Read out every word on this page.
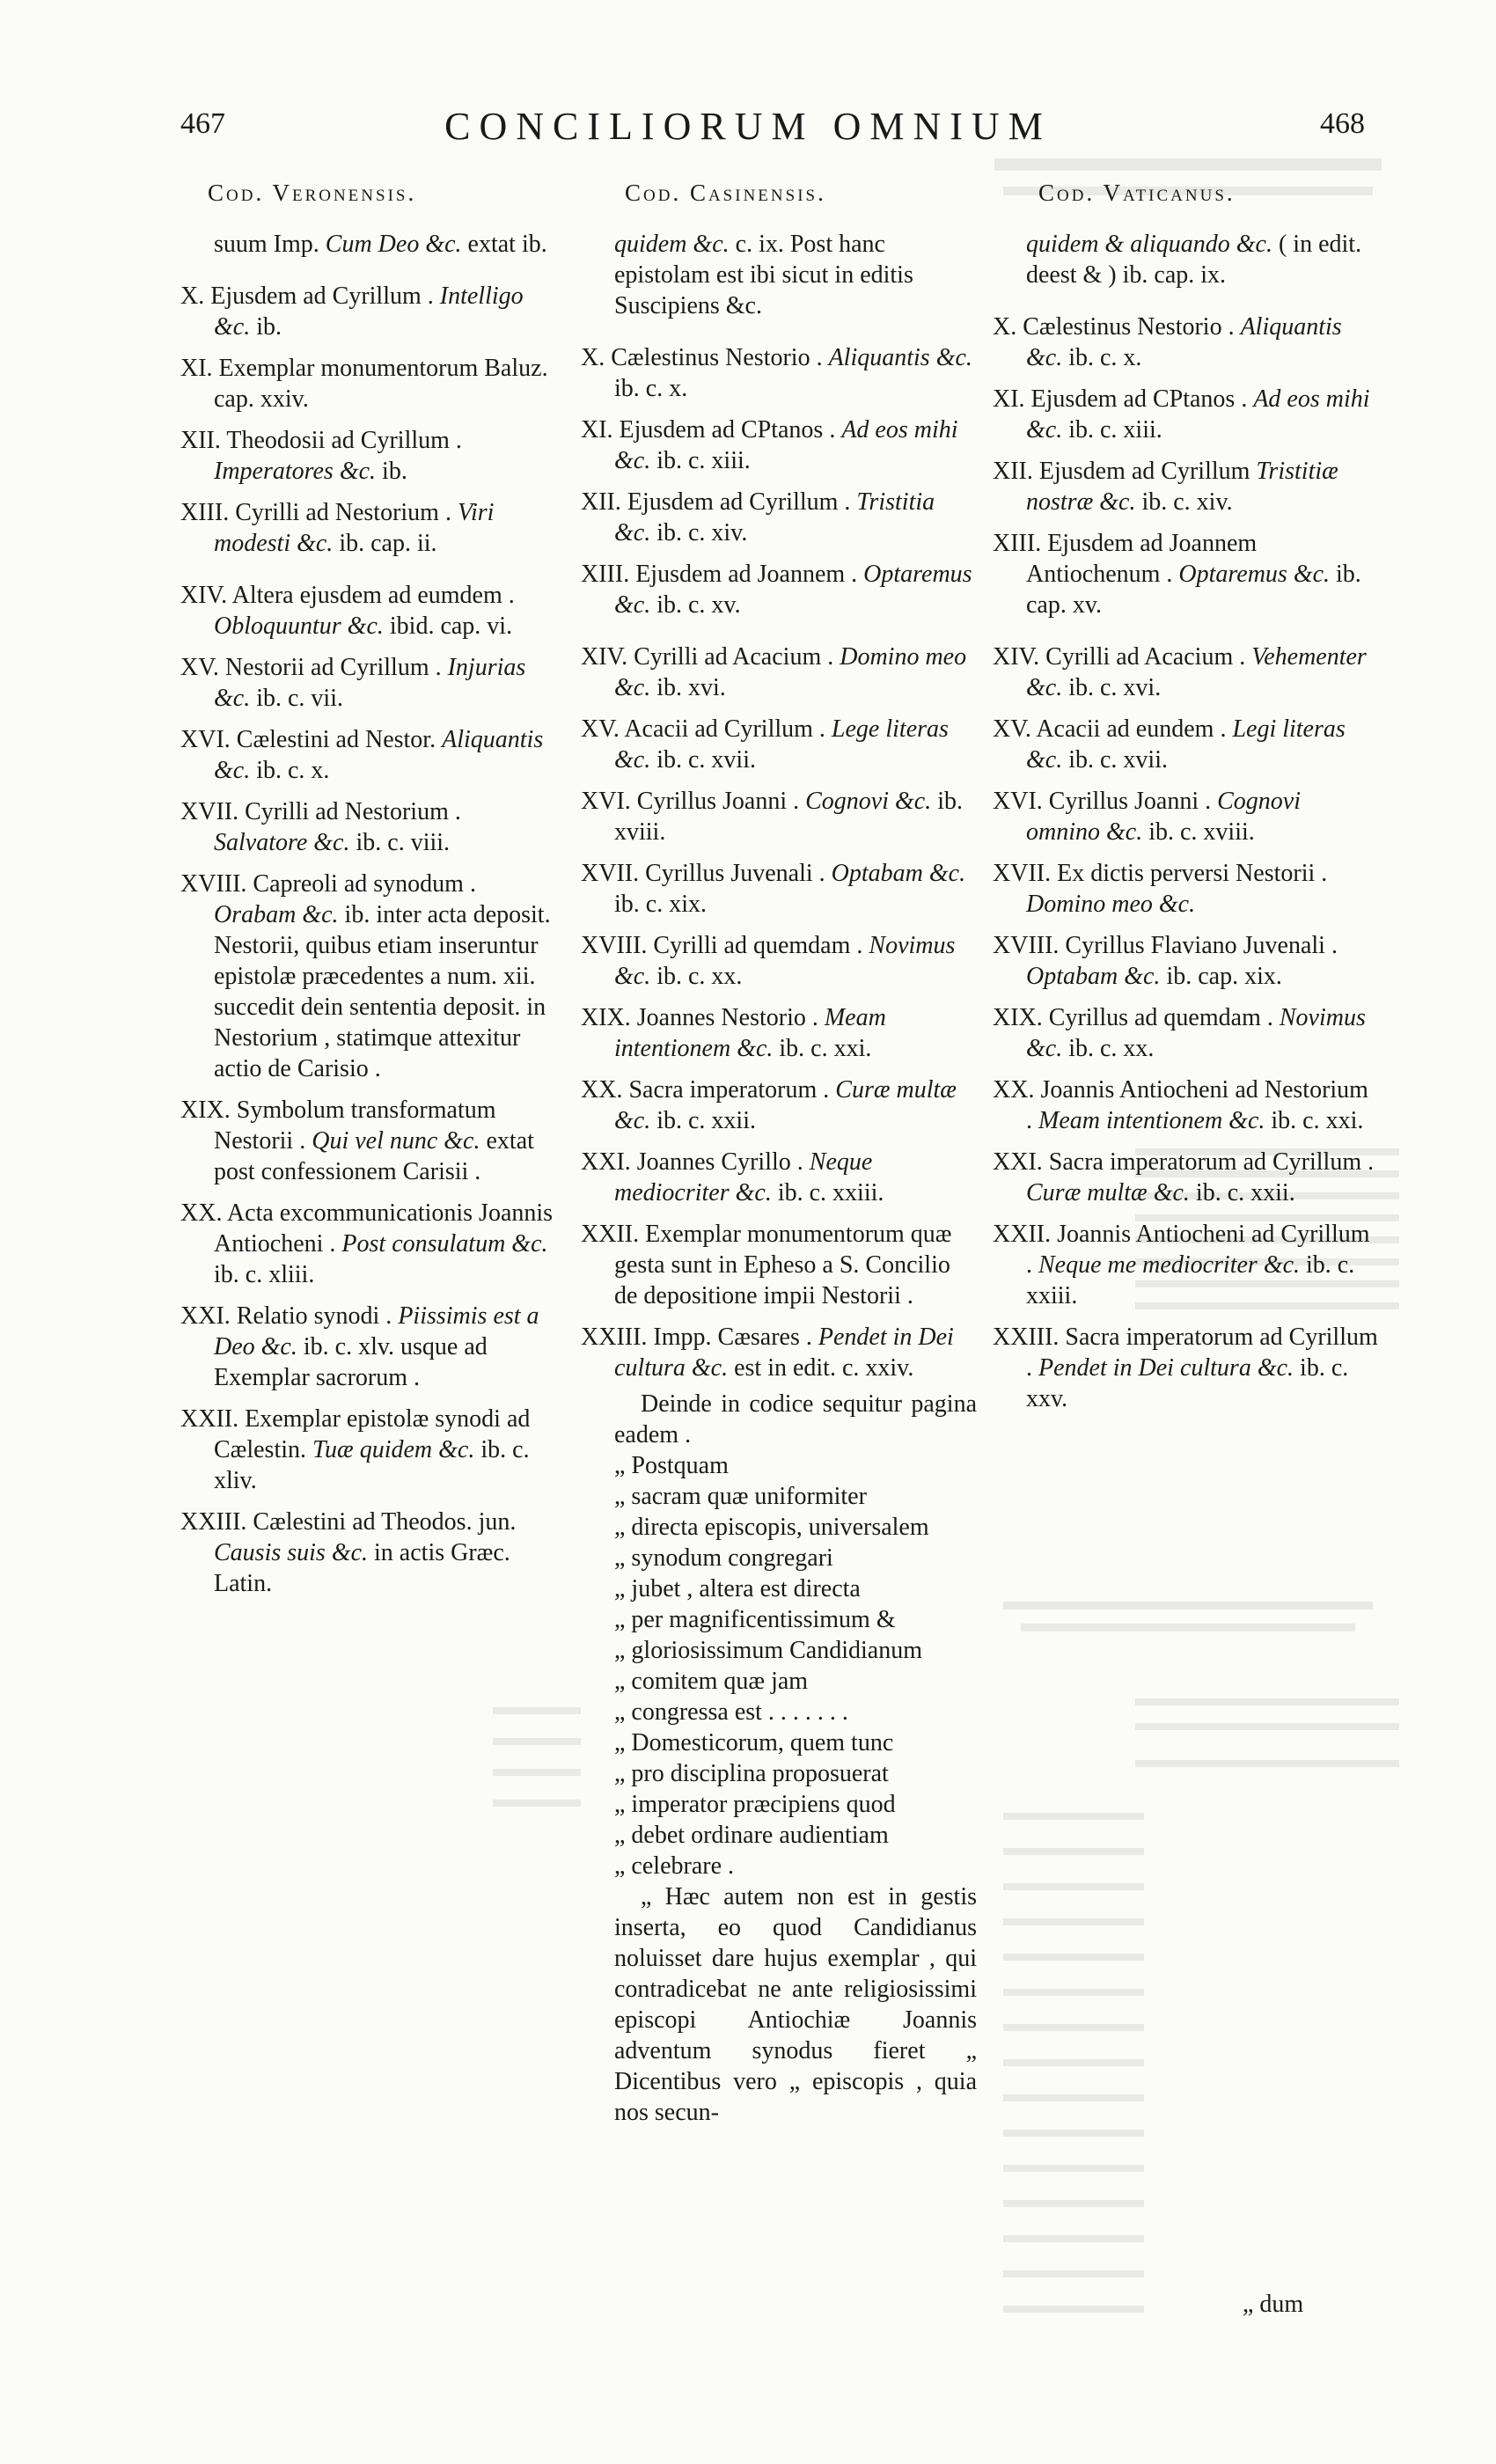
467	CONCILIORUM OMNIUM	468
Cod. Veronensis.	Cod. Casinensis.	Cod. Vaticanus.

suum Imp. Cum Deo &c. extat ib.

X. Ejusdem ad Cyrillum . Intelligo &c. ib.

XI. Exemplar monumentorum Baluz. cap. xxiv.

XII. Theodosii ad Cyrillum . Imperatores &c. ib.

XIII. Cyrilli ad Nestorium . Viri modesti &c. ib. cap. ii.

XIV. Altera ejusdem ad eumdem . Obloquuntur &c. ibid. cap. vi.

XV. Nestorii ad Cyrillum . Injurias &c. ib. c. vii.

XVI. Cælestini ad Nestor. Aliquantis &c. ib. c. x.

XVII. Cyrilli ad Nestorium . Salvatore &c. ib. c. viii.

XVIII. Capreoli ad synodum . Orabam &c. ib. inter acta deposit. Nestorii, quibus etiam inseruntur epistolæ præcedentes a num. xii. succedit dein sententia deposit. in Nestorium , statimque attexitur actio de Carisio .

XIX. Symbolum transformatum Nestorii . Qui vel nunc &c. extat post confessionem Carisii .

XX. Acta excommunicationis Joannis Antiocheni . Post consulatum &c. ib. c. xliii.

XXI. Relatio synodi . Piissimis est a Deo &c. ib. c. xlv. usque ad Exemplar sacrorum .

XXII. Exemplar epistolæ synodi ad Cælestin. Tuæ quidem &c. ib. c. xliv.

XXIII. Cælestini ad Theodos. jun. Causis suis &c. in actis Græc. Latin.

quidem &c. c. ix. Post hanc epistolam est ibi sicut in editis Suscipiens &c.

X. Cælestinus Nestorio . Aliquantis &c. ib. c. x.

XI. Ejusdem ad CPtanos . Ad eos mihi &c. ib. c. xiii.

XII. Ejusdem ad Cyrillum . Tristitia &c. ib. c. xiv.

XIII. Ejusdem ad Joannem . Optaremus &c. ib. c. xv.

XIV. Cyrilli ad Acacium . Domino meo &c. ib. xvi.

XV. Acacii ad Cyrillum . Lege literas &c. ib. c. xvii.

XVI. Cyrillus Joanni . Cognovi &c. ib. xviii.

XVII. Cyrillus Juvenali . Optabam &c. ib. c. xix.

XVIII. Cyrilli ad quemdam . Novimus &c. ib. c. xx.

XIX. Joannes Nestorio . Meam intentionem &c. ib. c. xxi.

XX. Sacra imperatorum . Curæ multæ &c. ib. c. xxii.

XXI. Joannes Cyrillo . Neque mediocriter &c. ib. c. xxiii.

XXII. Exemplar monumentorum quæ gesta sunt in Epheso a S. Concilio de depositione impii Nestorii .

XXIII. Impp. Cæsares . Pendet in Dei cultura &c. est in edit. c. xxiv.

Deinde in codice sequitur pagina eadem .

„ Postquam

„ sacram quæ uniformiter

„ directa episcopis, universalem

„ synodum congregari

„ jubet , altera est directa

„ per magnificentissimum &

„ gloriosissimum Candidianum

„ comitem quæ jam

„ congressa est . . . . . . .

„ Domesticorum, quem tunc

„ pro disciplina proposuerat

„ imperator præcipiens quod

„ debet ordinare audientiam

„ celebrare .

„ Hæc autem non est in gestis inserta, eo quod Candidianus noluisset dare hujus exemplar , qui contradicebat ne ante religiosissimi episcopi Antiochiæ Joannis adventum synodus fieret „ Dicentibus vero „ episcopis , quia nos secun-

quidem & aliquando &c. ( in edit. deest & ) ib. cap. ix.

X. Cælestinus Nestorio . Aliquantis &c. ib. c. x.

XI. Ejusdem ad CPtanos . Ad eos mihi &c. ib. c. xiii.

XII. Ejusdem ad Cyrillum Tristitiæ nostræ &c. ib. c. xiv.

XIII. Ejusdem ad Joannem Antiochenum . Optaremus &c. ib. cap. xv.

XIV. Cyrilli ad Acacium . Vehementer &c. ib. c. xvi.

XV. Acacii ad eundem . Legi literas &c. ib. c. xvii.

XVI. Cyrillus Joanni . Cognovi omnino &c. ib. c. xviii.

XVII. Ex dictis perversi Nestorii . Domino meo &c.

XVIII. Cyrillus Flaviano Juvenali . Optabam &c. ib. cap. xix.

XIX. Cyrillus ad quemdam . Novimus &c. ib. c. xx.

XX. Joannis Antiocheni ad Nestorium . Meam intentionem &c. ib. c. xxi.

XXI. Sacra imperatorum ad Cyrillum . Curæ multæ &c. ib. c. xxii.

XXII. Joannis Antiocheni ad Cyrillum . Neque me mediocriter &c. ib. c. xxiii.

XXIII. Sacra imperatorum ad Cyrillum . Pendet in Dei cultura &c. ib. c. xxv.

„ dum
